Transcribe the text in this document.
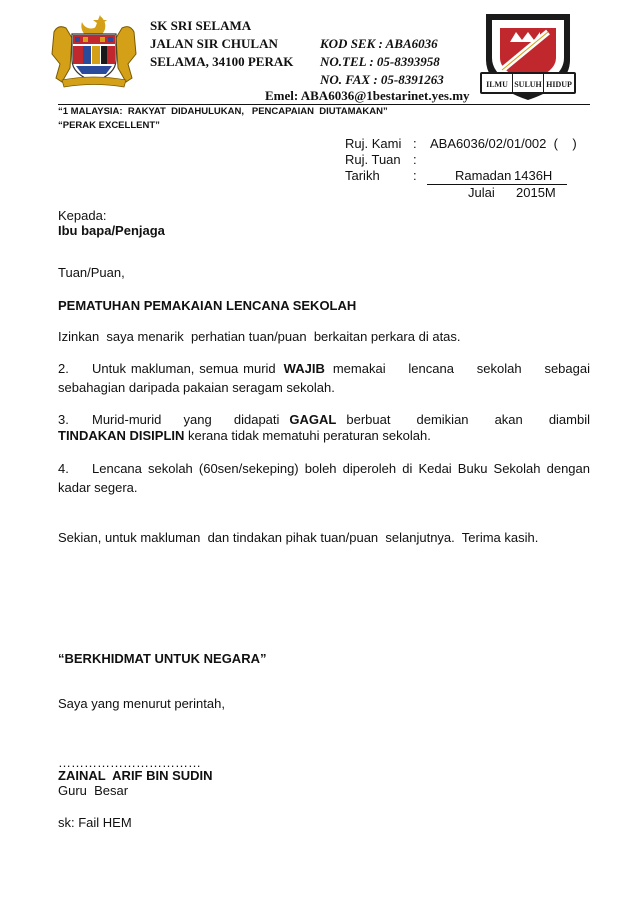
SK SRI SELAMA
JALAN SIR CHULAN
SELAMA, 34100 PERAK
KOD SEK : ABA6036
NO.TEL : 05-8393958
NO. FAX : 05-8391263
Emel: ABA6036@1bestarinet.yes.my
ILMU SULUH HIDUP
“1 MALAYSIA:  RAKYAT  DIDAHULUKAN,   PENCAPAIAN  DIUTAMAKAN”
“PERAK EXCELLENT”
Ruj. Kami : ABA6036/02/01/002  (    )
Ruj. Tuan :
Tarikh	:	Ramadan 1436H
Julai 2015M
Kepada:
Ibu bapa/Penjaga
Tuan/Puan,
PEMATUHAN PEMAKAIAN LENCANA SEKOLAH
Izinkan  saya menarik  perhatian tuan/puan  berkaitan perkara di atas.
2. Untuk makluman, semua murid WAJIB memakai lencana sekolah sebagai
sebahagian daripada pakaian seragam sekolah.
3. Murid-murid yang didapati GAGAL berbuat demikian akan diambil
TINDAKAN DISIPLIN kerana tidak mematuhi peraturan sekolah.
4. Lencana sekolah (60sen/sekeping) boleh diperoleh di Kedai Buku Sekolah dengan
kadar segera.
Sekian, untuk makluman  dan tindakan pihak tuan/puan  selanjutnya.  Terima kasih.
“BERKHIDMAT UNTUK NEGARA”
Saya yang menurut perintah,
……………………………
ZAINAL  ARIF BIN SUDIN
Guru  Besar
sk: Fail HEM
